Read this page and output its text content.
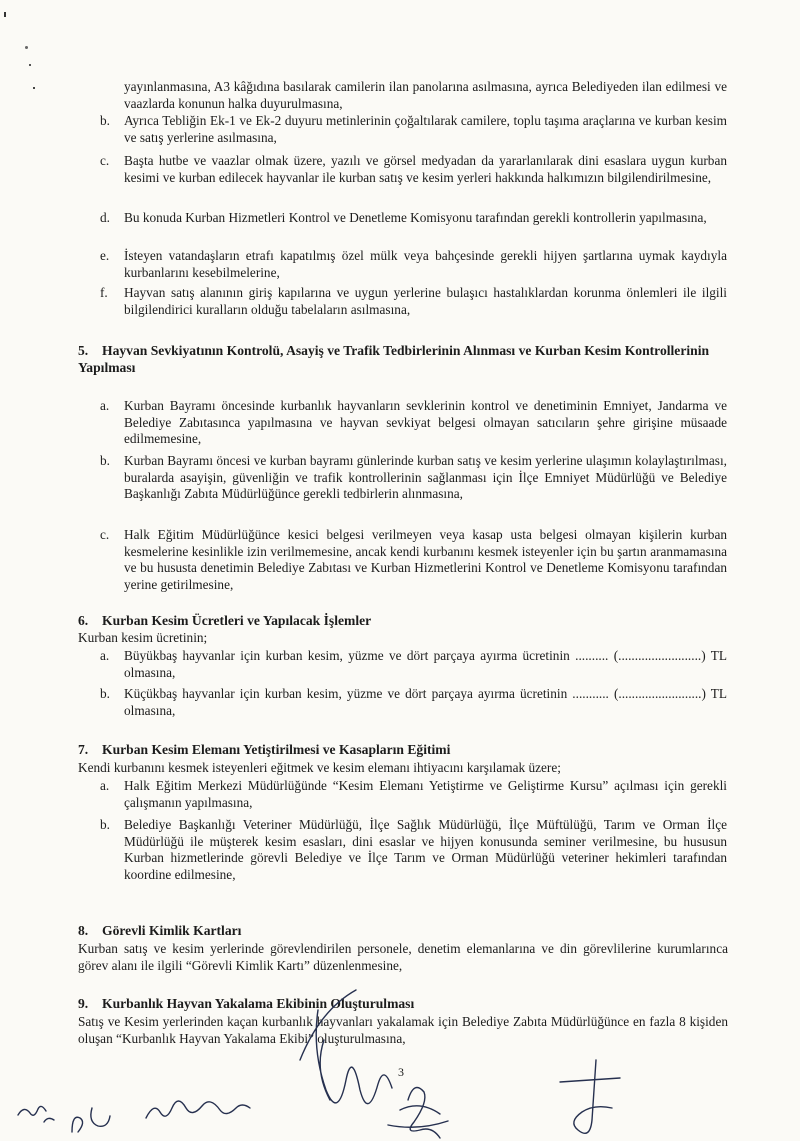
yayınlanmasına, A3 kâğıdına basılarak camilerin ilan panolarına asılmasına, ayrıca Belediyeden ilan edilmesi ve vaazlarda konunun halka duyurulmasına,
b.	Ayrıca Tebliğin Ek-1 ve Ek-2 duyuru metinlerinin çoğaltılarak camilere, toplu taşıma araçlarına ve kurban kesim ve satış yerlerine asılmasına,
c.	Başta hutbe ve vaazlar olmak üzere, yazılı ve görsel medyadan da yararlanılarak dini esaslara uygun kurban kesimi ve kurban edilecek hayvanlar ile kurban satış ve kesim yerleri hakkında halkımızın bilgilendirilmesine,
d.	Bu konuda Kurban Hizmetleri Kontrol ve Denetleme Komisyonu tarafından gerekli kontrollerin yapılmasına,
e.	İsteyen vatandaşların etrafı kapatılmış özel mülk veya bahçesinde gerekli hijyen şartlarına uymak kaydıyla kurbanlarını kesebilmelerine,
f.	Hayvan satış alanının giriş kapılarına ve uygun yerlerine bulaşıcı hastalıklardan korunma önlemleri ile ilgili bilgilendirici kuralların olduğu tabelaların asılmasına,
5. Hayvan Sevkiyatının Kontrolü, Asayiş ve Trafik Tedbirlerinin Alınması ve Kurban Kesim Kontrollerinin Yapılması
a.	Kurban Bayramı öncesinde kurbanlık hayvanların sevklerinin kontrol ve denetiminin Emniyet, Jandarma ve Belediye Zabıtasınca yapılmasına ve hayvan sevkiyat belgesi olmayan satıcıların şehre girişine müsaade edilmemesine,
b.	Kurban Bayramı öncesi ve kurban bayramı günlerinde kurban satış ve kesim yerlerine ulaşımın kolaylaştırılması, buralarda asayişin, güvenliğin ve trafik kontrollerinin sağlanması için İlçe Emniyet Müdürlüğü ve Belediye Başkanlığı Zabıta Müdürlüğünce gerekli tedbirlerin alınmasına,
c.	Halk Eğitim Müdürlüğünce kesici belgesi verilmeyen veya kasap usta belgesi olmayan kişilerin kurban kesmelerine kesinlikle izin verilmemesine, ancak kendi kurbanını kesmek isteyenler için bu şartın aranmamasına ve bu hususta denetimin Belediye Zabıtası ve Kurban Hizmetlerini Kontrol ve Denetleme Komisyonu tarafından yerine getirilmesine,
6. Kurban Kesim Ücretleri ve Yapılacak İşlemler
Kurban kesim ücretinin;
a.	Büyükbaş hayvanlar için kurban kesim, yüzme ve dört parçaya ayırma ücretinin .......... (.........................) TL olmasına,
b.	Küçükbaş hayvanlar için kurban kesim, yüzme ve dört parçaya ayırma ücretinin ........... (.........................) TL olmasına,
7. Kurban Kesim Elemanı Yetiştirilmesi ve Kasapların Eğitimi
Kendi kurbanını kesmek isteyenleri eğitmek ve kesim elemanı ihtiyacını karşılamak üzere;
a.	Halk Eğitim Merkezi Müdürlüğünde “Kesim Elemanı Yetiştirme ve Geliştirme Kursu” açılması için gerekli çalışmanın yapılmasına,
b.	Belediye Başkanlığı Veteriner Müdürlüğü, İlçe Sağlık Müdürlüğü, İlçe Müftülüğü, Tarım ve Orman İlçe Müdürlüğü ile müşterek kesim esasları, dini esaslar ve hijyen konusunda seminer verilmesine, bu hususun Kurban hizmetlerinde görevli Belediye ve İlçe Tarım ve Orman Müdürlüğü veteriner hekimleri tarafından koordine edilmesine,
8. Görevli Kimlik Kartları
Kurban satış ve kesim yerlerinde görevlendirilen personele, denetim elemanlarına ve din görevlilerine kurumlarınca görev alanı ile ilgili “Görevli Kimlik Kartı” düzenlenmesine,
9. Kurbanlık Hayvan Yakalama Ekibinin Oluşturulması
Satış ve Kesim yerlerinden kaçan kurbanlık hayvanları yakalamak için Belediye Zabıta Müdürlüğünce en fazla 8 kişiden oluşan “Kurbanlık Hayvan Yakalama Ekibi” oluşturulmasına,
3
